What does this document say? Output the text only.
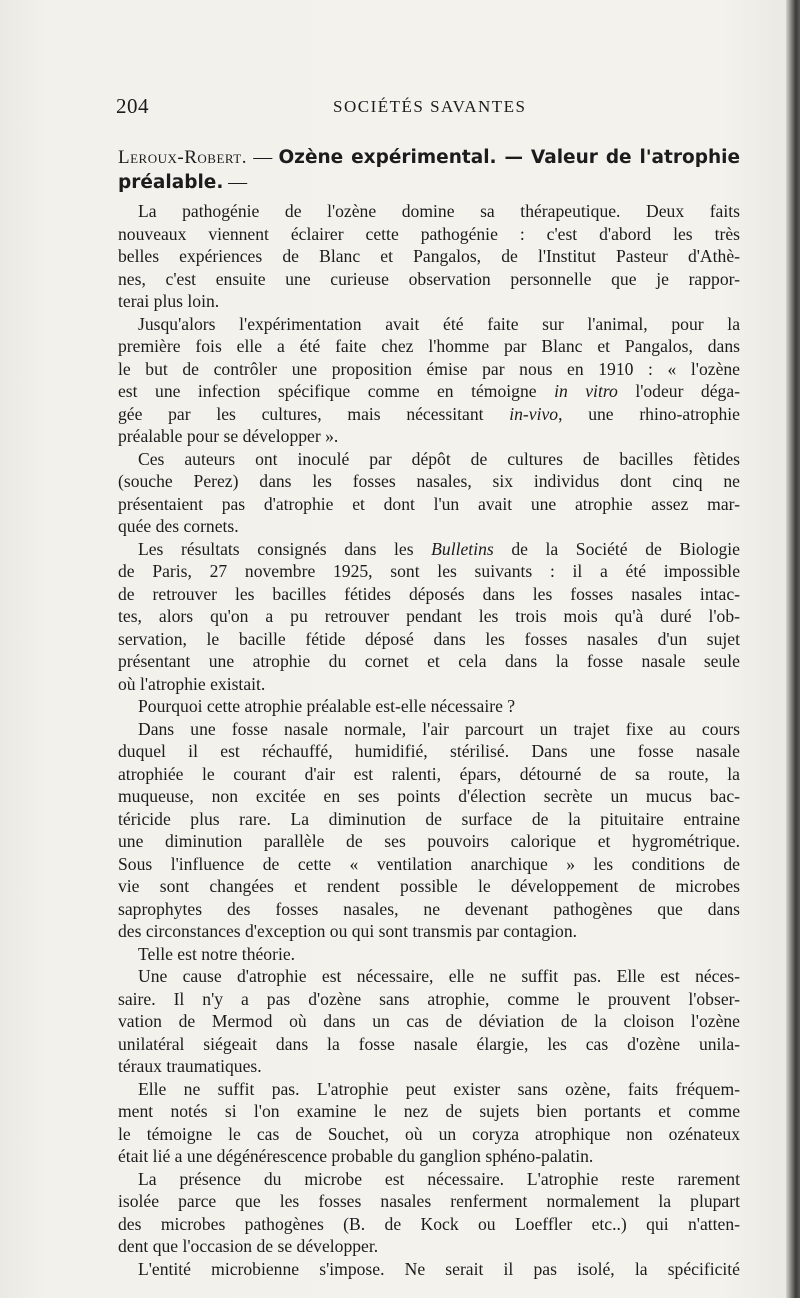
204	SOCIÉTÉS SAVANTES
Leroux-Robert. — Ozène expérimental. — Valeur de l'atrophie préalable. —
La pathogénie de l'ozène domine sa thérapeutique. Deux faits
nouveaux viennent éclairer cette pathogénie : c'est d'abord les très
belles expériences de Blanc et Pangalos, de l'Institut Pasteur d'Athè-
nes, c'est ensuite une curieuse observation personnelle que je rappor-
terai plus loin.
Jusqu'alors l'expérimentation avait été faite sur l'animal, pour la
première fois elle a été faite chez l'homme par Blanc et Pangalos, dans
le but de contrôler une proposition émise par nous en 1910 : « l'ozène
est une infection spécifique comme en témoigne in vitro l'odeur déga-
gée par les cultures, mais nécessitant in-vivo, une rhino-atrophie
préalable pour se développer ».
Ces auteurs ont inoculé par dépôt de cultures de bacilles fètides
(souche Perez) dans les fosses nasales, six individus dont cinq ne
présentaient pas d'atrophie et dont l'un avait une atrophie assez mar-
quée des cornets.
Les résultats consignés dans les Bulletins de la Société de Biologie
de Paris, 27 novembre 1925, sont les suivants : il a été impossible
de retrouver les bacilles fétides déposés dans les fosses nasales intac-
tes, alors qu'on a pu retrouver pendant les trois mois qu'à duré l'ob-
servation, le bacille fétide déposé dans les fosses nasales d'un sujet
présentant une atrophie du cornet et cela dans la fosse nasale seule
où l'atrophie existait.
Pourquoi cette atrophie préalable est-elle nécessaire ?
Dans une fosse nasale normale, l'air parcourt un trajet fixe au cours
duquel il est réchauffé, humidifié, stérilisé. Dans une fosse nasale
atrophiée le courant d'air est ralenti, épars, détourné de sa route, la
muqueuse, non excitée en ses points d'élection secrète un mucus bac-
téricide plus rare. La diminution de surface de la pituitaire entraine
une diminution parallèle de ses pouvoirs calorique et hygrométrique.
Sous l'influence de cette « ventilation anarchique » les conditions de
vie sont changées et rendent possible le développement de microbes
saprophytes des fosses nasales, ne devenant pathogènes que dans
des circonstances d'exception ou qui sont transmis par contagion.
Telle est notre théorie.
Une cause d'atrophie est nécessaire, elle ne suffit pas. Elle est néces-
saire. Il n'y a pas d'ozène sans atrophie, comme le prouvent l'obser-
vation de Mermod où dans un cas de déviation de la cloison l'ozène
unilatéral siégeait dans la fosse nasale élargie, les cas d'ozène unila-
téraux traumatiques.
Elle ne suffit pas. L'atrophie peut exister sans ozène, faits fréquem-
ment notés si l'on examine le nez de sujets bien portants et comme
le témoigne le cas de Souchet, où un coryza atrophique non ozénateux
était lié a une dégénérescence probable du ganglion sphéno-palatin.
La présence du microbe est nécessaire. L'atrophie reste rarement
isolée parce que les fosses nasales renferment normalement la plupart
des microbes pathogènes (B. de Kock ou Loeffler etc..) qui n'atten-
dent que l'occasion de se développer.
L'entité microbienne s'impose. Ne serait il pas isolé, la spécificité
